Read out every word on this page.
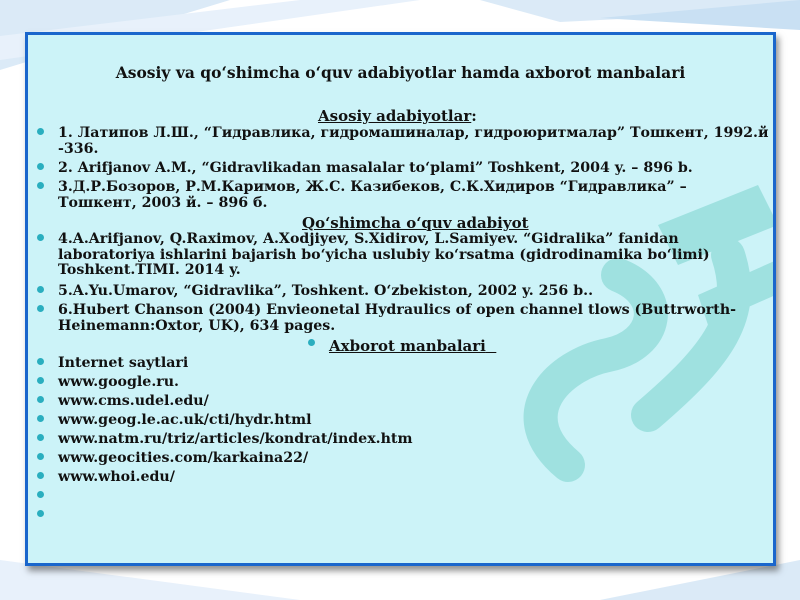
Asosiy va qo‘shimcha o‘quv adabiyotlar hamda axborot manbalari
Asosiy adabiyotlar:
1. Латипов Л.Ш., “Гидравлика, гидромашиналар, гидроюритмалар” Тошкент, 1992.й -336.
2. Arifjanov A.M., “Gidravlikadan masalalar to‘plami” Toshkent, 2004 y. – 896 b.
3.Д.Р.Бозоров, Р.М.Каримов, Ж.С. Казибеков, С.К.Хидиров “Гидравлика” – Тошкент, 2003 й. – 896 б.
Qo‘shimcha o‘quv adabiyot
4.A.Arifjanov, Q.Raximov, A.Xodjiyev, S.Xidirov, L.Samiyev. “Gidralika” fanidan laboratoriya ishlarini bajarish bo‘yicha uslubiy ko‘rsatma (gidrodinamika bo‘limi) Toshkent.TIMI. 2014 y.
5.A.Yu.Umarov, “Gidravlika”, Toshkent. O‘zbekiston, 2002 y. 256 b..
6.Hubert Chanson (2004) Envieonetal Hydraulics of open channel tlows (Buttrworth-Heinemann:Oxtor, UK), 634 pages.
Axborot manbalari
Internet saytlari
www.google.ru.
www.cms.udel.edu/
www.geog.le.ac.uk/cti/hydr.html
www.natm.ru/triz/articles/kondrat/index.htm
www.geocities.com/karkaina22/
www.whoi.edu/
